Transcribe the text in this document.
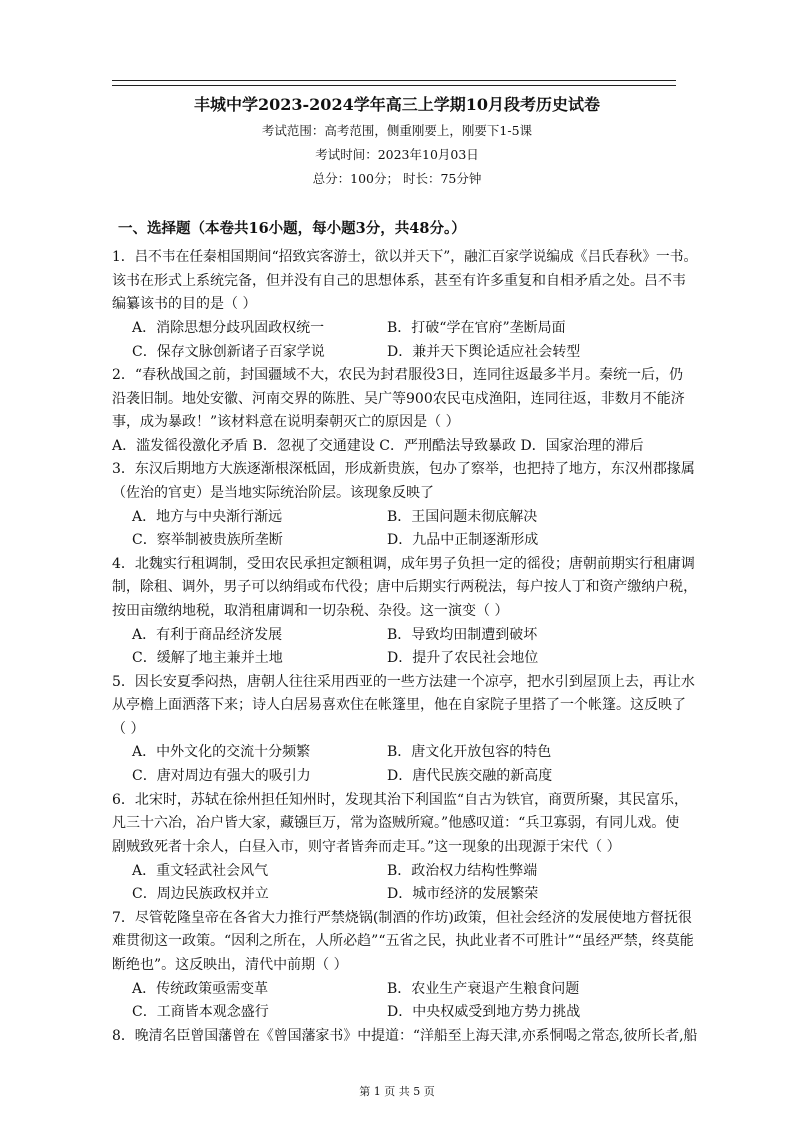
丰城中学2023-2024学年高三上学期10月段考历史试卷
考试范围：高考范围，侧重刚要上，刚要下1-5课
考试时间：2023年10月03日
总分：100分； 时长：75分钟
一、选择题（本卷共16小题，每小题3分，共48分。）
1．吕不韦在任秦相国期间“招致宾客游士，欲以并天下”，融汇百家学说编成《吕氏春秋》一书。
该书在形式上系统完备，但并没有自己的思想体系，甚至有许多重复和自相矛盾之处。吕不韦
编纂该书的目的是（ ）
A．消除思想分歧巩固政权统一	B．打破“学在官府”垄断局面
C．保存文脉创新诸子百家学说	D．兼并天下舆论适应社会转型
2．“春秋战国之前，封国疆域不大，农民为封君服役3日，连同往返最多半月。秦统一后，仍
沿袭旧制。地处安徽、河南交界的陈胜、吴广等900农民屯戍渔阳，连同往返，非数月不能济
事，成为暴政！”该材料意在说明秦朝灭亡的原因是（ ）
A．滥发徭役激化矛盾 B．忽视了交通建设 C．严刑酷法导致暴政 D．国家治理的滞后
3．东汉后期地方大族逐渐根深柢固，形成新贵族，包办了察举，也把持了地方，东汉州郡掾属
（佐治的官吏）是当地实际统治阶层。该现象反映了
A．地方与中央渐行渐远	B．王国问题未彻底解决
C．察举制被贵族所垄断	D．九品中正制逐渐形成
4．北魏实行租调制，受田农民承担定额租调，成年男子负担一定的徭役；唐朝前期实行租庸调
制，除租、调外，男子可以纳绢或布代役；唐中后期实行两税法，每户按人丁和资产缴纳户税，
按田亩缴纳地税，取消租庸调和一切杂税、杂役。这一演变（ ）
A．有利于商品经济发展	B．导致均田制遭到破坏
C．缓解了地主兼并土地	D．提升了农民社会地位
5．因长安夏季闷热，唐朝人往往采用西亚的一些方法建一个凉亭，把水引到屋顶上去，再让水
从亭檐上面洒落下来；诗人白居易喜欢住在帐篷里，他在自家院子里搭了一个帐篷。这反映了
（ ）
A．中外文化的交流十分频繁	B．唐文化开放包容的特色
C．唐对周边有强大的吸引力	D．唐代民族交融的新高度
6．北宋时，苏轼在徐州担任知州时，发现其治下利国监“自古为铁官，商贾所聚，其民富乐，
凡三十六冶，冶户皆大家，藏镪巨万，常为盗贼所窥。”他感叹道：“兵卫寡弱，有同儿戏。使
剧贼致死者十余人，白昼入市，则守者皆奔而走耳。”这一现象的出现源于宋代（ ）
A．重文轻武社会风气	B．政治权力结构性弊端
C．周边民族政权并立	D．城市经济的发展繁荣
7．尽管乾隆皇帝在各省大力推行严禁烧锅(制酒的作坊)政策，但社会经济的发展使地方督抚很
难贯彻这一政策。“因利之所在，人所必趋”“五省之民，执此业者不可胜计”“虽经严禁，终莫能
断绝也”。这反映出，清代中前期（ ）
A．传统政策亟需变革	B．农业生产衰退产生粮食问题
C．工商皆本观念盛行	D．中央权威受到地方势力挑战
8．晚清名臣曾国藩曾在《曾国藩家书》中提道：“洋船至上海天津,亦系恫喝之常态,彼所长者,船
第 1 页 共 5 页
